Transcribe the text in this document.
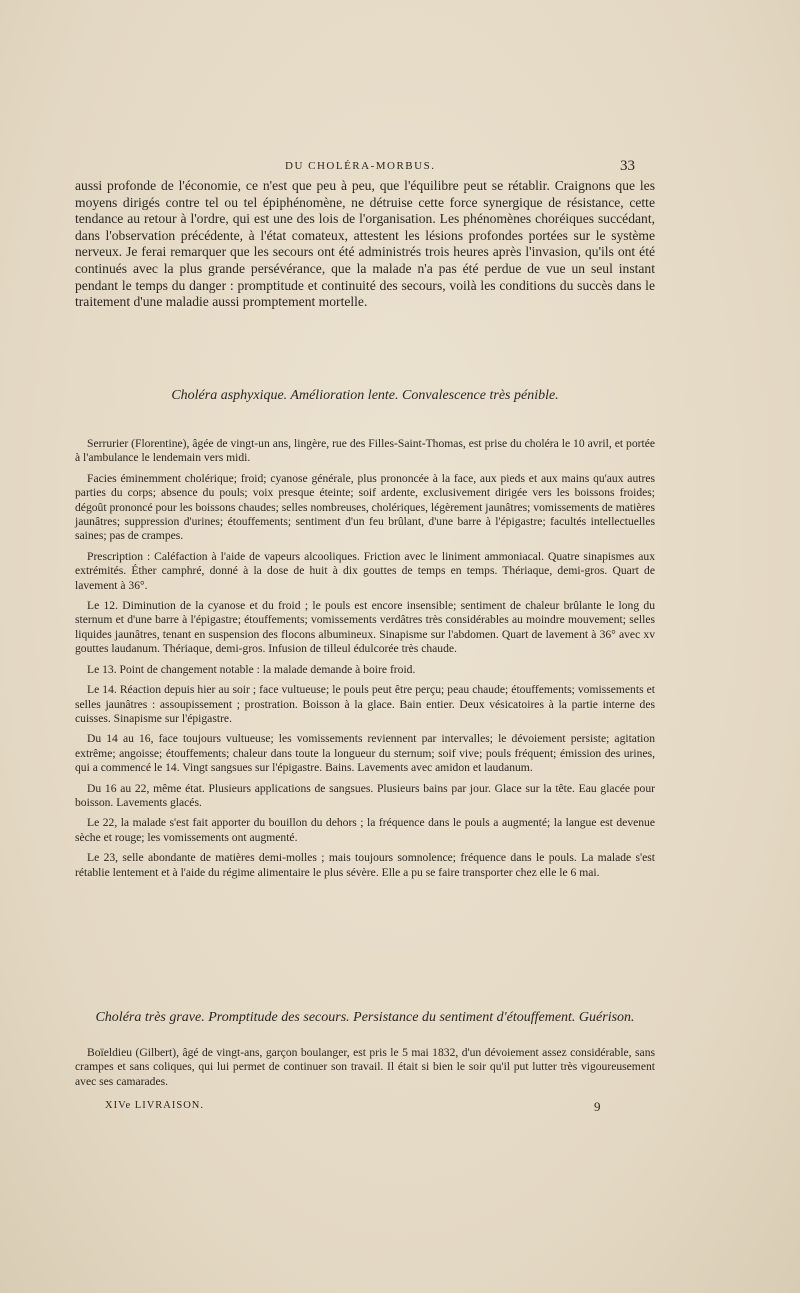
DU CHOLÉRA-MORBUS.	33

aussi profonde de l'économie, ce n'est que peu à peu, que l'équilibre peut se rétablir. Craignons que les moyens dirigés contre tel ou tel épiphénomène, ne détruise cette force synergique de résistance, cette tendance au retour à l'ordre, qui est une des lois de l'organisation. Les phénomènes choréiques succédant, dans l'observation précédente, à l'état comateux, attestent les lésions profondes portées sur le système nerveux. Je ferai remarquer que les secours ont été administrés trois heures après l'invasion, qu'ils ont été continués avec la plus grande persévérance, que la malade n'a pas été perdue de vue un seul instant pendant le temps du danger : promptitude et continuité des secours, voilà les conditions du succès dans le traitement d'une maladie aussi promptement mortelle.

Choléra asphyxique. Amélioration lente. Convalescence très pénible.

Serrurier (Florentine), âgée de vingt-un ans, lingère, rue des Filles-Saint-Thomas, est prise du choléra le 10 avril, et portée à l'ambulance le lendemain vers midi.

Facies éminemment cholérique; froid; cyanose générale, plus prononcée à la face, aux pieds et aux mains qu'aux autres parties du corps; absence du pouls; voix presque éteinte; soif ardente, exclusivement dirigée vers les boissons froides; dégoût prononcé pour les boissons chaudes; selles nombreuses, cholériques, légèrement jaunâtres; vomissements de matières jaunâtres; suppression d'urines; étouffements; sentiment d'un feu brûlant, d'une barre à l'épigastre; facultés intellectuelles saines; pas de crampes.

Prescription : Caléfaction à l'aide de vapeurs alcooliques. Friction avec le liniment ammoniacal. Quatre sinapismes aux extrémités. Éther camphré, donné à la dose de huit à dix gouttes de temps en temps. Thériaque, demi-gros. Quart de lavement à 36°.

Le 12. Diminution de la cyanose et du froid ; le pouls est encore insensible; sentiment de chaleur brûlante le long du sternum et d'une barre à l'épigastre; étouffements; vomissements verdâtres très considérables au moindre mouvement; selles liquides jaunâtres, tenant en suspension des flocons albumineux. Sinapisme sur l'abdomen. Quart de lavement à 36° avec xv gouttes laudanum. Thériaque, demi-gros. Infusion de tilleul édulcorée très chaude.

Le 13. Point de changement notable : la malade demande à boire froid.

Le 14. Réaction depuis hier au soir ; face vultueuse; le pouls peut être perçu; peau chaude; étouffements; vomissements et selles jaunâtres : assoupissement ; prostration. Boisson à la glace. Bain entier. Deux vésicatoires à la partie interne des cuisses. Sinapisme sur l'épigastre.

Du 14 au 16, face toujours vultueuse; les vomissements reviennent par intervalles; le dévoiement persiste; agitation extrême; angoisse; étouffements; chaleur dans toute la longueur du sternum; soif vive; pouls fréquent; émission des urines, qui a commencé le 14. Vingt sangsues sur l'épigastre. Bains. Lavements avec amidon et laudanum.

Du 16 au 22, même état. Plusieurs applications de sangsues. Plusieurs bains par jour. Glace sur la tête. Eau glacée pour boisson. Lavements glacés.

Le 22, la malade s'est fait apporter du bouillon du dehors ; la fréquence dans le pouls a augmenté; la langue est devenue sèche et rouge; les vomissements ont augmenté.

Le 23, selle abondante de matières demi-molles ; mais toujours somnolence; fréquence dans le pouls. La malade s'est rétablie lentement et à l'aide du régime alimentaire le plus sévère. Elle a pu se faire transporter chez elle le 6 mai.

Choléra très grave. Promptitude des secours. Persistance du sentiment d'étouffement. Guérison.

Boïeldieu (Gilbert), âgé de vingt-ans, garçon boulanger, est pris le 5 mai 1832, d'un dévoiement assez considérable, sans crampes et sans coliques, qui lui permet de continuer son travail. Il était si bien le soir qu'il put lutter très vigoureusement avec ses camarades.

XIVe LIVRAISON.	9
